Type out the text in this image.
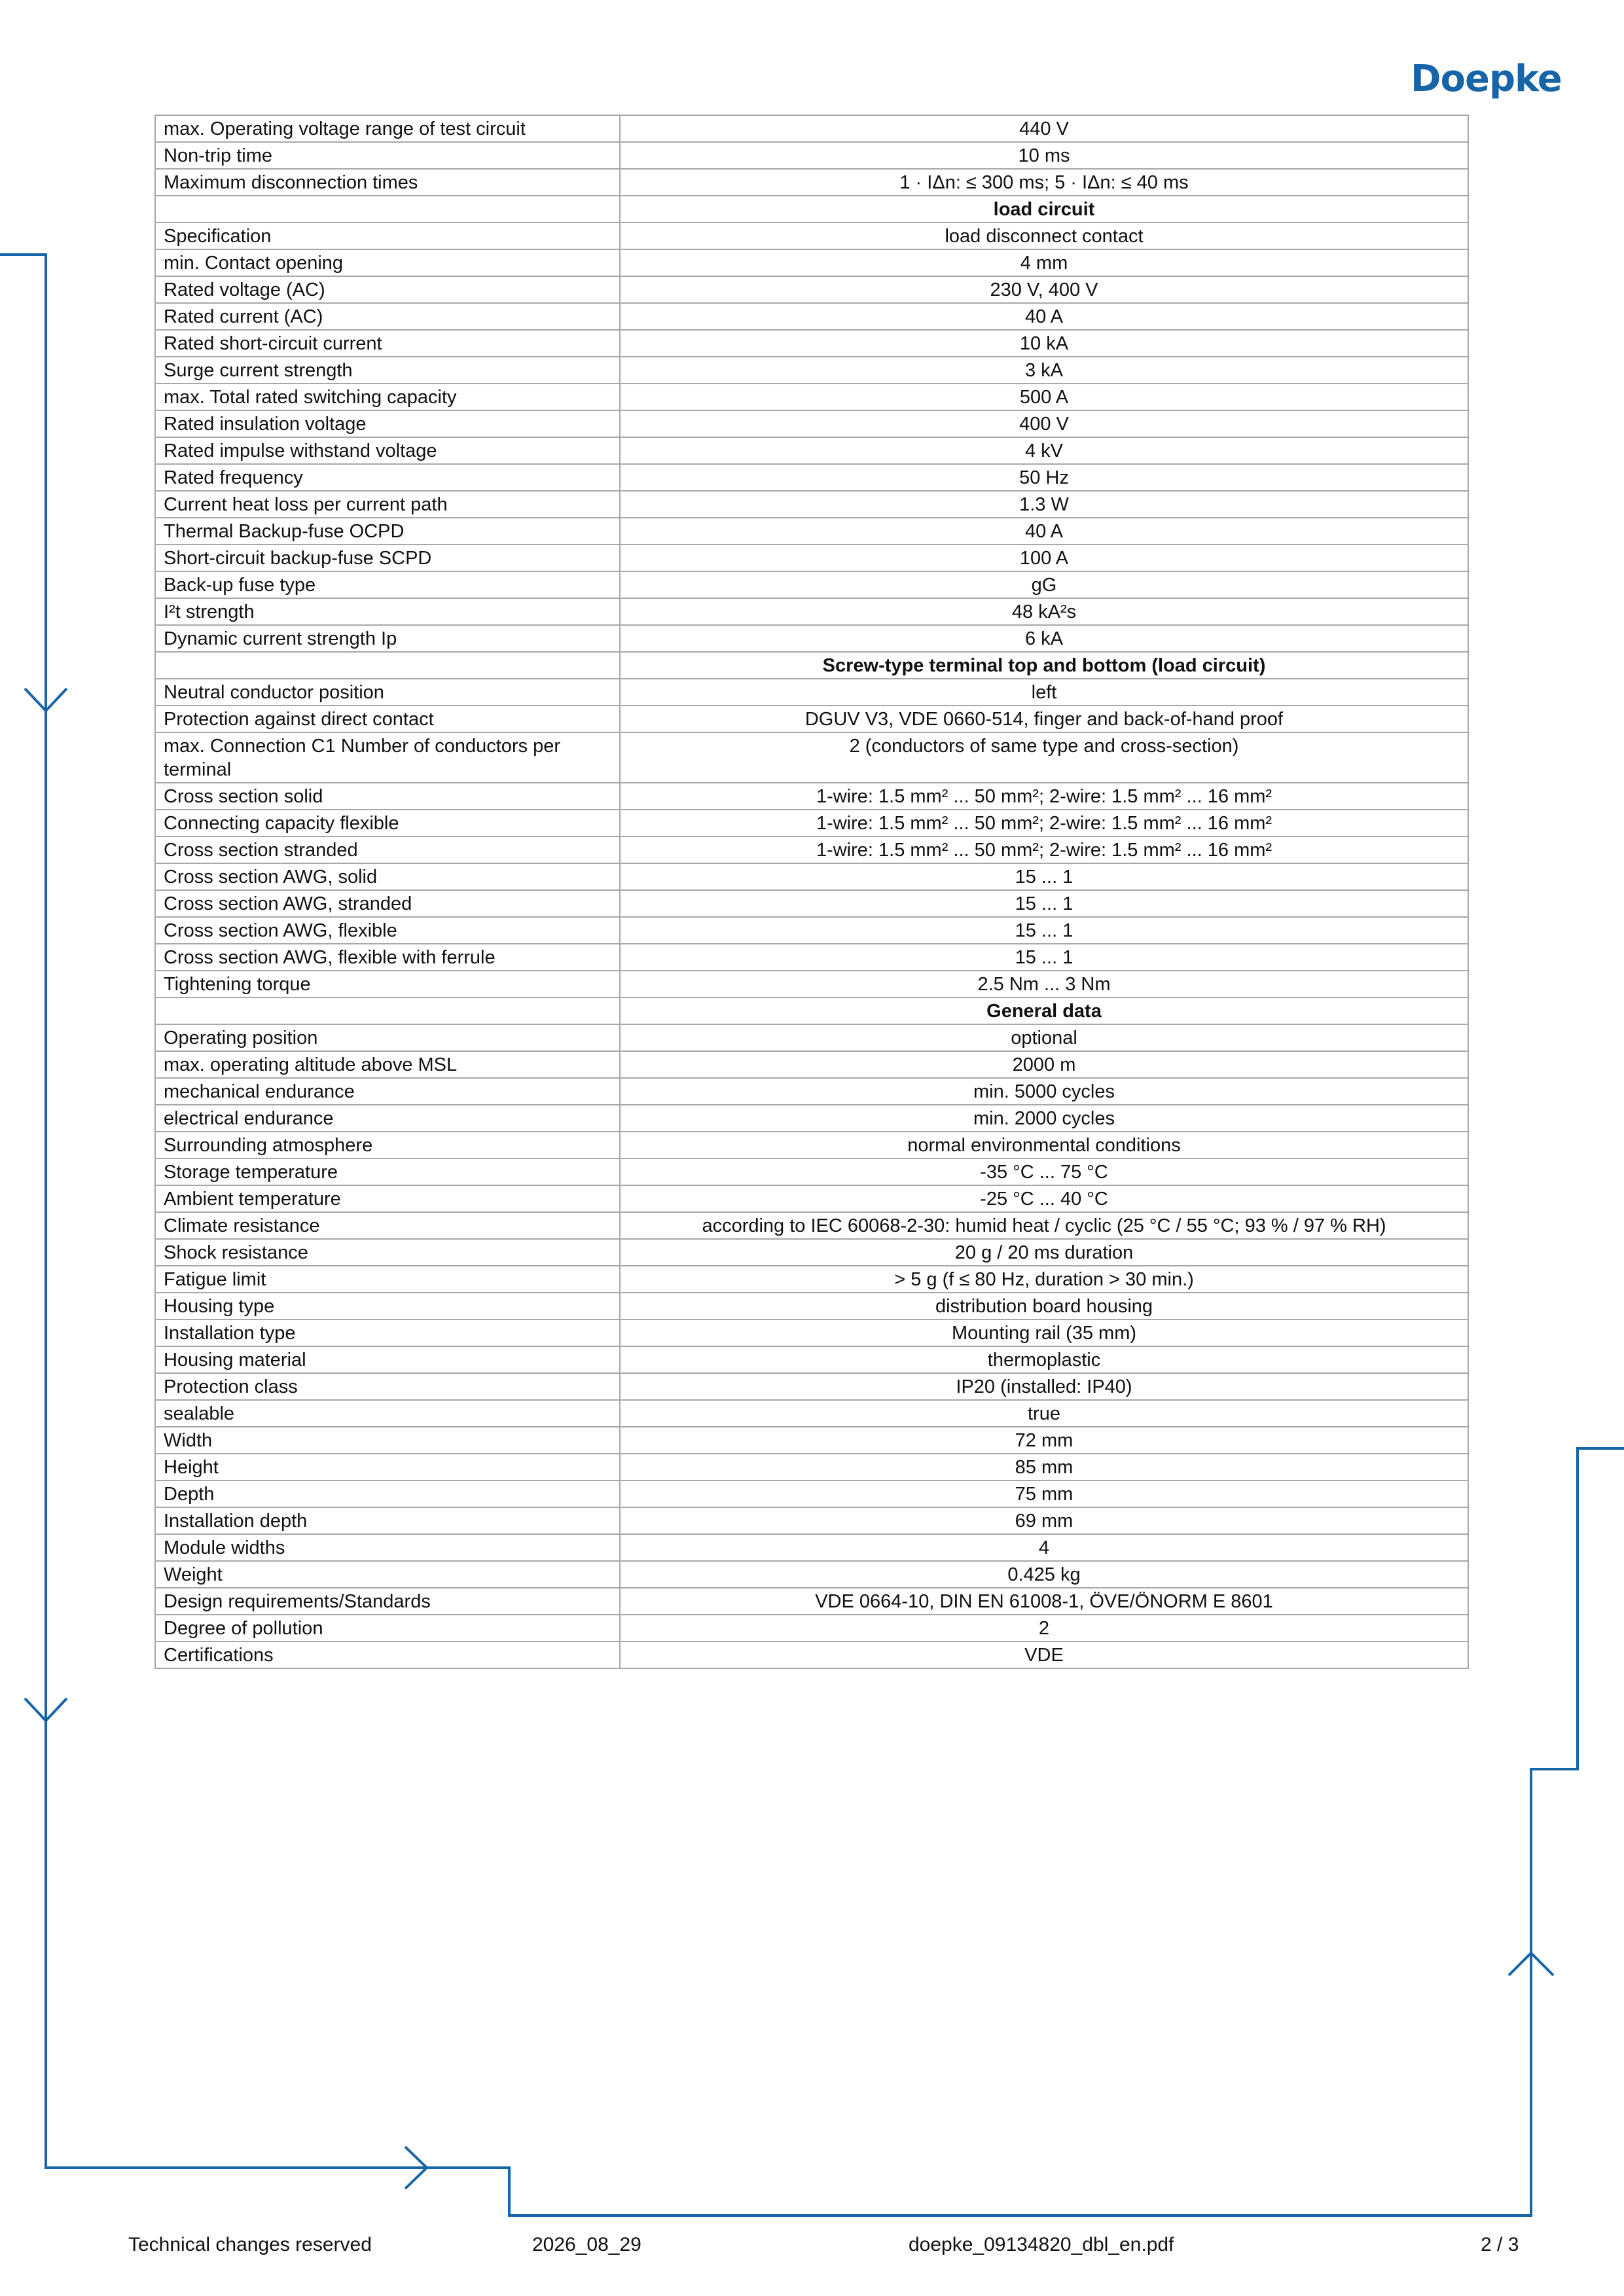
Doepke
max. Operating voltage range of test circuit	440 V
Non-trip time	10 ms
Maximum disconnection times	1 · IΔn: ≤ 300 ms; 5 · IΔn: ≤ 40 ms
	load circuit
Specification	load disconnect contact
min. Contact opening	4 mm
Rated voltage (AC)	230 V, 400 V
Rated current (AC)	40 A
Rated short-circuit current	10 kA
Surge current strength	3 kA
max. Total rated switching capacity	500 A
Rated insulation voltage	400 V
Rated impulse withstand voltage	4 kV
Rated frequency	50 Hz
Current heat loss per current path	1.3 W
Thermal Backup-fuse OCPD	40 A
Short-circuit backup-fuse SCPD	100 A
Back-up fuse type	gG
I²t strength	48 kA²s
Dynamic current strength Ip	6 kA
	Screw-type terminal top and bottom (load circuit)
Neutral conductor position	left
Protection against direct contact	DGUV V3, VDE 0660-514, finger and back-of-hand proof
max. Connection C1 Number of conductors per terminal	2 (conductors of same type and cross-section)
Cross section solid	1-wire: 1.5 mm² ... 50 mm²; 2-wire: 1.5 mm² ... 16 mm²
Connecting capacity flexible	1-wire: 1.5 mm² ... 50 mm²; 2-wire: 1.5 mm² ... 16 mm²
Cross section stranded	1-wire: 1.5 mm² ... 50 mm²; 2-wire: 1.5 mm² ... 16 mm²
Cross section AWG, solid	15 ... 1
Cross section AWG, stranded	15 ... 1
Cross section AWG, flexible	15 ... 1
Cross section AWG, flexible with ferrule	15 ... 1
Tightening torque	2.5 Nm ... 3 Nm
	General data
Operating position	optional
max. operating altitude above MSL	2000 m
mechanical endurance	min. 5000 cycles
electrical endurance	min. 2000 cycles
Surrounding atmosphere	normal environmental conditions
Storage temperature	-35 °C ... 75 °C
Ambient temperature	-25 °C ... 40 °C
Climate resistance	according to IEC 60068-2-30: humid heat / cyclic (25 °C / 55 °C; 93 % / 97 % RH)
Shock resistance	20 g / 20 ms duration
Fatigue limit	> 5 g (f ≤ 80 Hz, duration > 30 min.)
Housing type	distribution board housing
Installation type	Mounting rail (35 mm)
Housing material	thermoplastic
Protection class	IP20 (installed: IP40)
sealable	true
Width	72 mm
Height	85 mm
Depth	75 mm
Installation depth	69 mm
Module widths	4
Weight	0.425 kg
Design requirements/Standards	VDE 0664-10, DIN EN 61008-1, ÖVE/ÖNORM E 8601
Degree of pollution	2
Certifications	VDE
Technical changes reserved	2026_08_29	doepke_09134820_dbl_en.pdf	2 / 3
